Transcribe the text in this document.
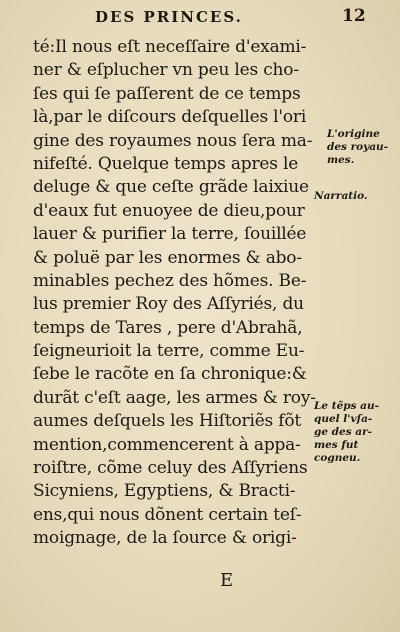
DES PRINCES.	12
té:Il nous eſt neceſſaire d'exami-
ner & eſplucher vn peu les cho-
ſes qui ſe paſſerent de ce temps
là,par le diſcours deſquelles l'ori
gine des royaumes nous ſera ma-
nifeſté. Quelque temps apres le
deluge & que ceſte grãde laixiue
d'eaux fut enuoyee de dieu,pour
lauer & purifier la terre, ſouillée
& poluë par les enormes & abo-
minables pechez des hõmes. Be-
lus premier Roy des Aſſyriés, du
temps de Tares , pere d'Abrahã,
ſeigneurioit la terre, comme Eu-
ſebe le racõte en ſa chronique:&
durãt c'eſt aage, les armes & roy-
aumes deſquels les Hiſtoriẽs fõt
mention,commencerent à appa-
roiſtre, cõme celuy des Aſſyriens
Sicyniens, Egyptiens, & Bracti-
ens,qui nous dõnent certain teſ-
moignage, de la ſource & origi-
L'origine
des royau-
mes.
Narratio.
Le tẽps au-
quel l'vſa-
ge des ar-
mes fut
cogneu.
E
